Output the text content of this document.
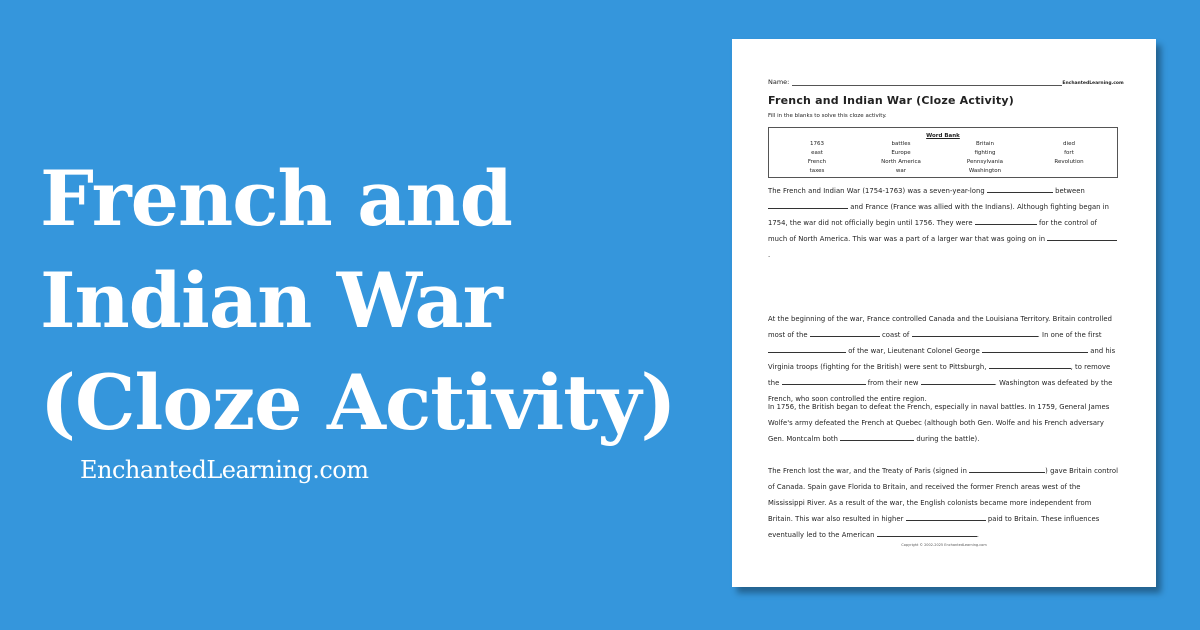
French and
Indian War
(Cloze Activity)
EnchantedLearning.com
Name:	EnchantedLearning.com
French and Indian War (Cloze Activity)
Fill in the blanks to solve this cloze activity.
Word Bank
1763	battles	Britain	died
east	Europe	fighting	fort
French	North America	Pennsylvania	Revolution
taxes	war	Washington

The French and Indian War (1754-1763) was a seven-year-long	between  and France (France was allied with the Indians). Although fighting began in 1754, the war did not officially begin until 1756. They were	for the control of much of North America. This war was a part of a larger war that was going on in .

At the beginning of the war, France controlled Canada and the Louisiana Territory. Britain controlled most of the	coast of	. In one of the first  of the war, Lieutenant Colonel George	and his Virginia troops (fighting for the British) were sent to Pittsburgh,	, to remove the	from their new	. Washington was defeated by the French, who soon controlled the entire region.

In 1756, the British began to defeat the French, especially in naval battles. In 1759, General James Wolfe's army defeated the French at Quebec (although both Gen. Wolfe and his French adversary Gen. Montcalm both	during the battle).

The French lost the war, and the Treaty of Paris (signed in	) gave Britain control of Canada. Spain gave Florida to Britain, and received the former French areas west of the Mississippi River. As a result of the war, the English colonists became more independent from Britain. This war also resulted in higher	paid to Britain. These influences eventually led to the American	.

Copyright © 2002-2025 EnchantedLearning.com
